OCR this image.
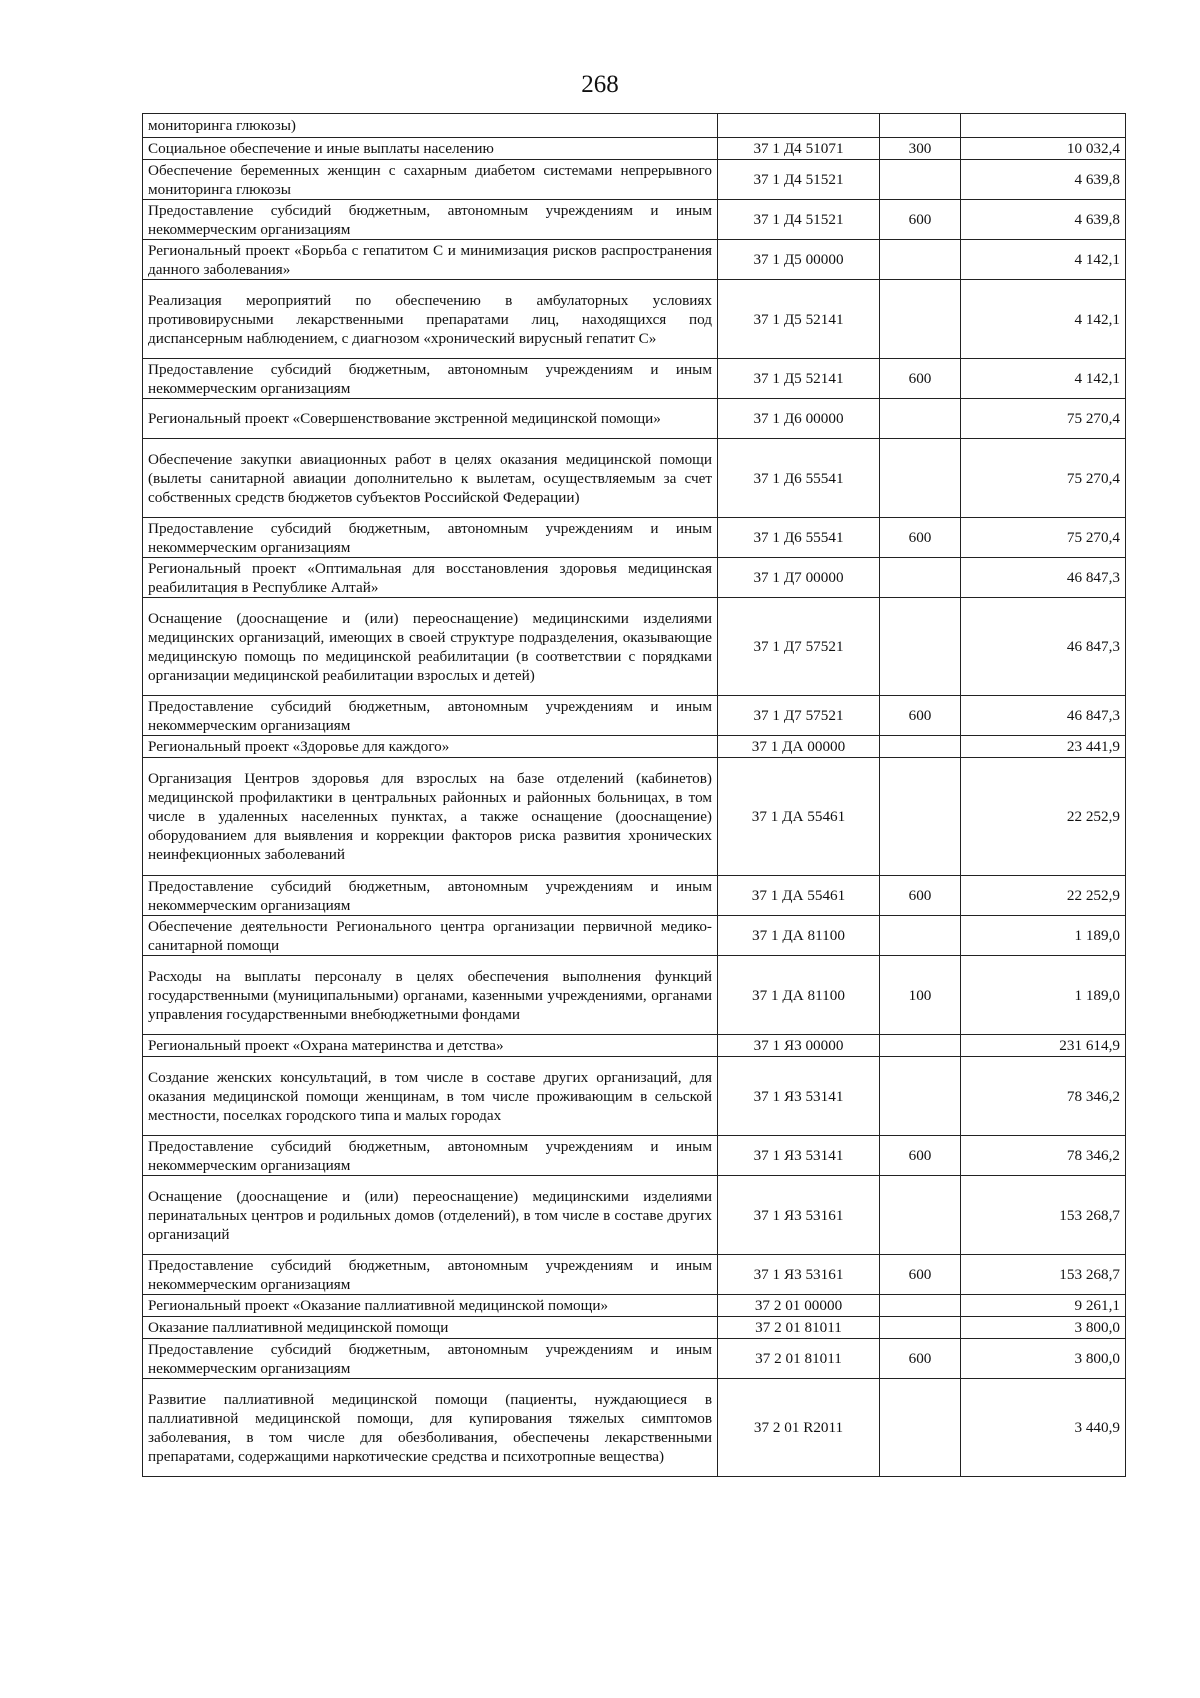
268
мониторинга глюкозы)			
Социальное обеспечение и иные выплаты населению	37 1 Д4 51071	300	10 032,4
Обеспечение беременных женщин с сахарным диабетом системами непрерывного мониторинга глюкозы	37 1 Д4 51521		4 639,8
Предоставление субсидий бюджетным, автономным учреждениям и иным некоммерческим организациям	37 1 Д4 51521	600	4 639,8
Региональный проект «Борьба с гепатитом С и минимизация рисков распространения данного заболевания»	37 1 Д5 00000		4 142,1
Реализация мероприятий по обеспечению в амбулаторных условиях противовирусными лекарственными препаратами лиц, находящихся под диспансерным наблюдением, с диагнозом «хронический вирусный гепатит С»	37 1 Д5 52141		4 142,1
Предоставление субсидий бюджетным, автономным учреждениям и иным некоммерческим организациям	37 1 Д5 52141	600	4 142,1
Региональный проект «Совершенствование экстренной медицинской помощи»	37 1 Д6 00000		75 270,4
Обеспечение закупки авиационных работ в целях оказания медицинской помощи (вылеты санитарной авиации дополнительно к вылетам, осуществляемым за счет собственных средств бюджетов субъектов Российской Федерации)	37 1 Д6 55541		75 270,4
Предоставление субсидий бюджетным, автономным учреждениям и иным некоммерческим организациям	37 1 Д6 55541	600	75 270,4
Региональный проект «Оптимальная для восстановления здоровья медицинская реабилитация в Республике Алтай»	37 1 Д7 00000		46 847,3
Оснащение (дооснащение и (или) переоснащение) медицинскими изделиями медицинских организаций, имеющих в своей структуре подразделения, оказывающие медицинскую помощь по медицинской реабилитации (в соответствии с порядками организации медицинской реабилитации взрослых и детей)	37 1 Д7 57521		46 847,3
Предоставление субсидий бюджетным, автономным учреждениям и иным некоммерческим организациям	37 1 Д7 57521	600	46 847,3
Региональный проект «Здоровье для каждого»	37 1 ДА 00000		23 441,9
Организация Центров здоровья для взрослых на базе отделений (кабинетов) медицинской профилактики в центральных районных и районных больницах, в том числе в удаленных населенных пунктах, а также оснащение (дооснащение) оборудованием для выявления и коррекции факторов риска развития хронических неинфекционных заболеваний	37 1 ДА 55461		22 252,9
Предоставление субсидий бюджетным, автономным учреждениям и иным некоммерческим организациям	37 1 ДА 55461	600	22 252,9
Обеспечение деятельности Регионального центра организации первичной медико-санитарной помощи	37 1 ДА 81100		1 189,0
Расходы на выплаты персоналу в целях обеспечения выполнения функций государственными (муниципальными) органами, казенными учреждениями, органами управления государственными внебюджетными фондами	37 1 ДА 81100	100	1 189,0
Региональный проект «Охрана материнства и детства»	37 1 Я3 00000		231 614,9
Создание женских консультаций, в том числе в составе других организаций, для оказания медицинской помощи женщинам, в том числе проживающим в сельской местности, поселках городского типа и малых городах	37 1 Я3 53141		78 346,2
Предоставление субсидий бюджетным, автономным учреждениям и иным некоммерческим организациям	37 1 Я3 53141	600	78 346,2
Оснащение (дооснащение и (или) переоснащение) медицинскими изделиями перинатальных центров и родильных домов (отделений), в том числе в составе других организаций	37 1 Я3 53161		153 268,7
Предоставление субсидий бюджетным, автономным учреждениям и иным некоммерческим организациям	37 1 Я3 53161	600	153 268,7
Региональный проект «Оказание паллиативной медицинской помощи»	37 2 01 00000		9 261,1
Оказание паллиативной медицинской помощи	37 2 01 81011		3 800,0
Предоставление субсидий бюджетным, автономным учреждениям и иным некоммерческим организациям	37 2 01 81011	600	3 800,0
Развитие паллиативной медицинской помощи (пациенты, нуждающиеся в паллиативной медицинской помощи, для купирования тяжелых симптомов заболевания, в том числе для обезболивания, обеспечены лекарственными препаратами, содержащими наркотические средства и психотропные вещества)	37 2 01 R2011		3 440,9
